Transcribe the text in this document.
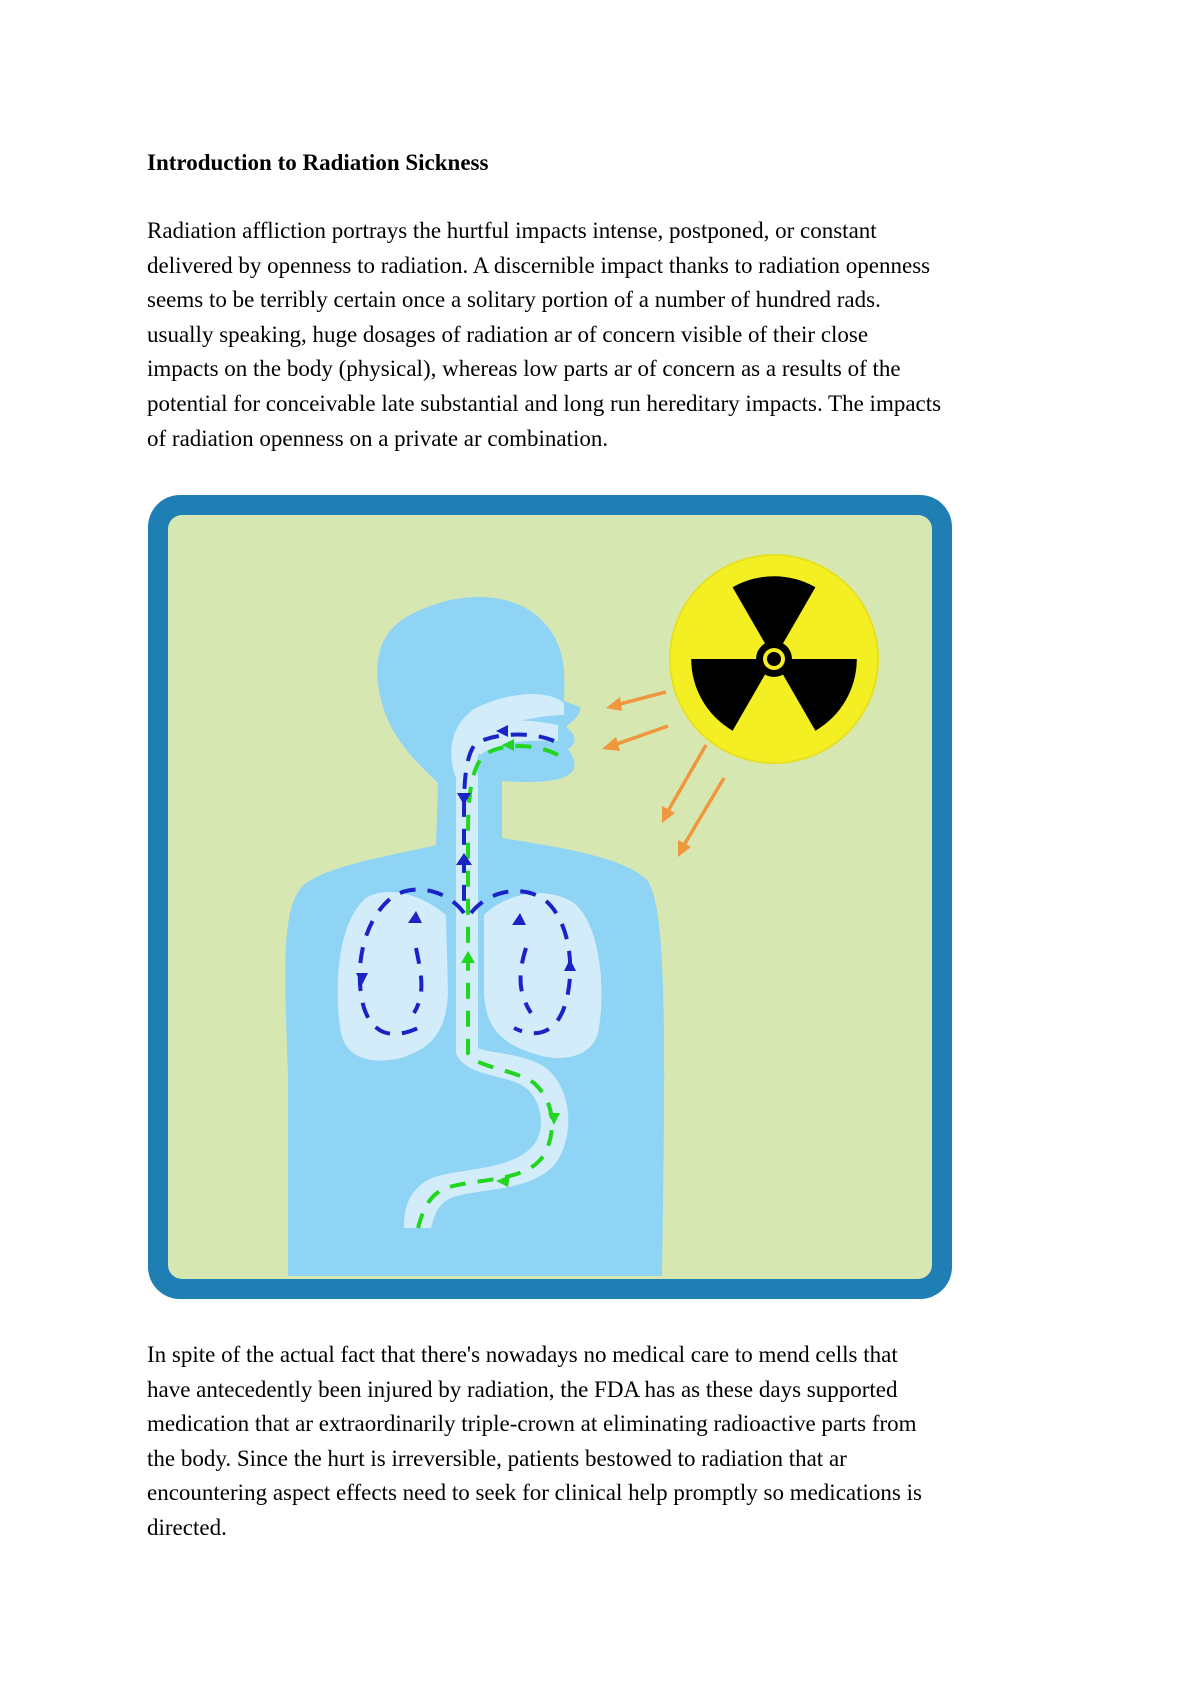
Introduction to Radiation Sickness

Radiation affliction portrays the hurtful impacts intense, postponed, or constant
delivered by openness to radiation. A discernible impact thanks to radiation openness
seems to be terribly certain once a solitary portion of a number of hundred rads.
usually speaking, huge dosages of radiation ar of concern visible of their close
impacts on the body (physical), whereas low parts ar of concern as a results of the
potential for conceivable late substantial and long run hereditary impacts. The impacts
of radiation openness on a private ar combination.

In spite of the actual fact that there's nowadays no medical care to mend cells that
have antecedently been injured by radiation, the FDA has as these days supported
medication that ar extraordinarily triple-crown at eliminating radioactive parts from
the body. Since the hurt is irreversible, patients bestowed to radiation that ar
encountering aspect effects need to seek for clinical help promptly so medications is
directed.
